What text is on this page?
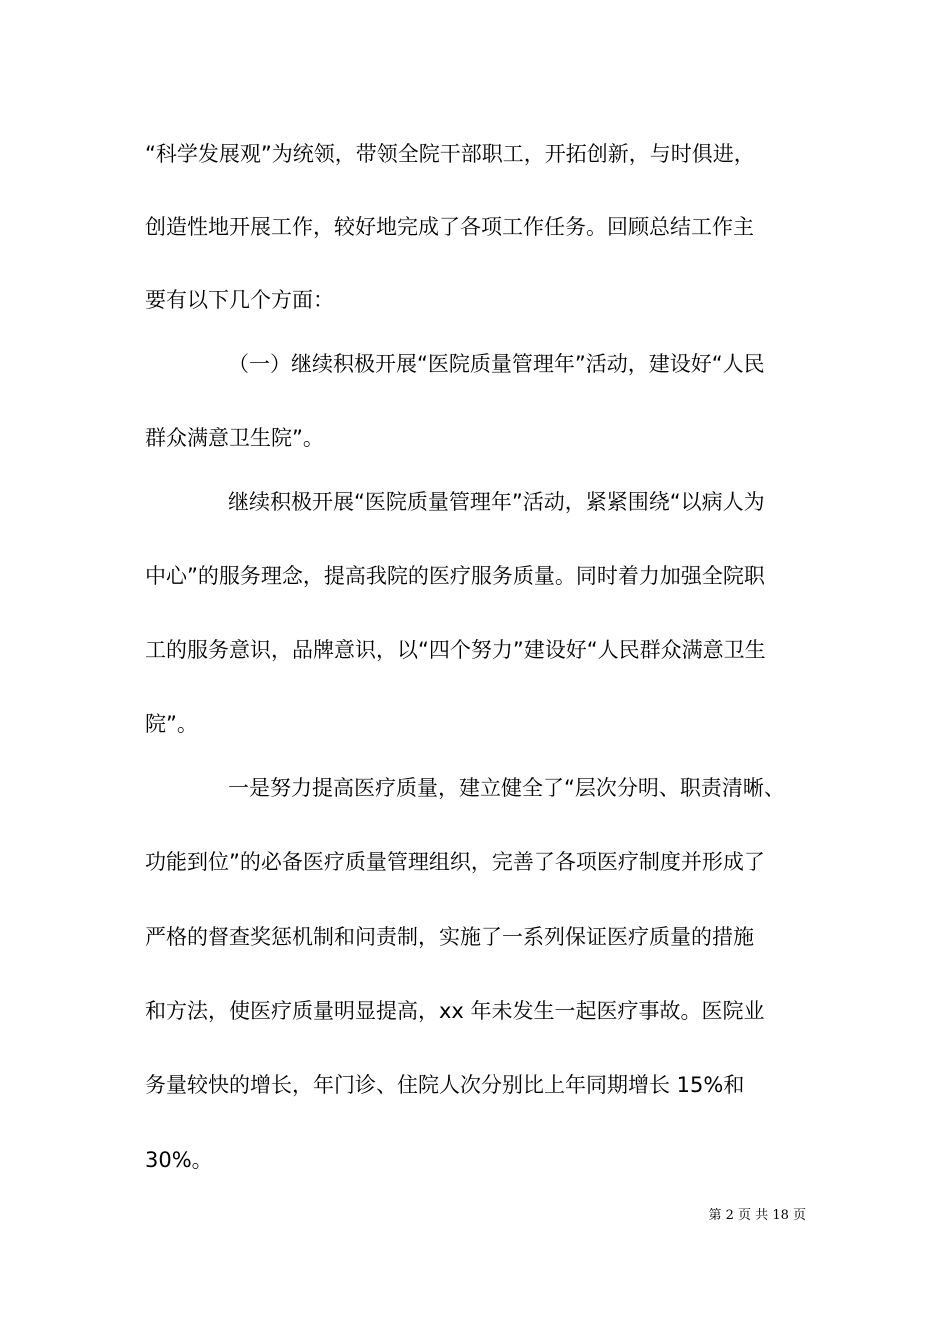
“科学发展观”为统领，带领全院干部职工，开拓创新，与时俱进，
创造性地开展工作，较好地完成了各项工作任务。回顾总结工作主
要有以下几个方面：
（一）继续积极开展“医院质量管理年”活动，建设好“人民
群众满意卫生院”。
继续积极开展“医院质量管理年”活动，紧紧围绕“以病人为
中心”的服务理念，提高我院的医疗服务质量。同时着力加强全院职
工的服务意识，品牌意识，以“四个努力”建设好“人民群众满意卫生
院”。
一是努力提高医疗质量，建立健全了“层次分明、职责清晰、
功能到位”的必备医疗质量管理组织，完善了各项医疗制度并形成了
严格的督查奖惩机制和问责制，实施了一系列保证医疗质量的措施
和方法，使医疗质量明显提高，xx 年未发生一起医疗事故。医院业
务量较快的增长，年门诊、住院人次分别比上年同期增长 15%和
30%。
第 2 页 共 18 页
